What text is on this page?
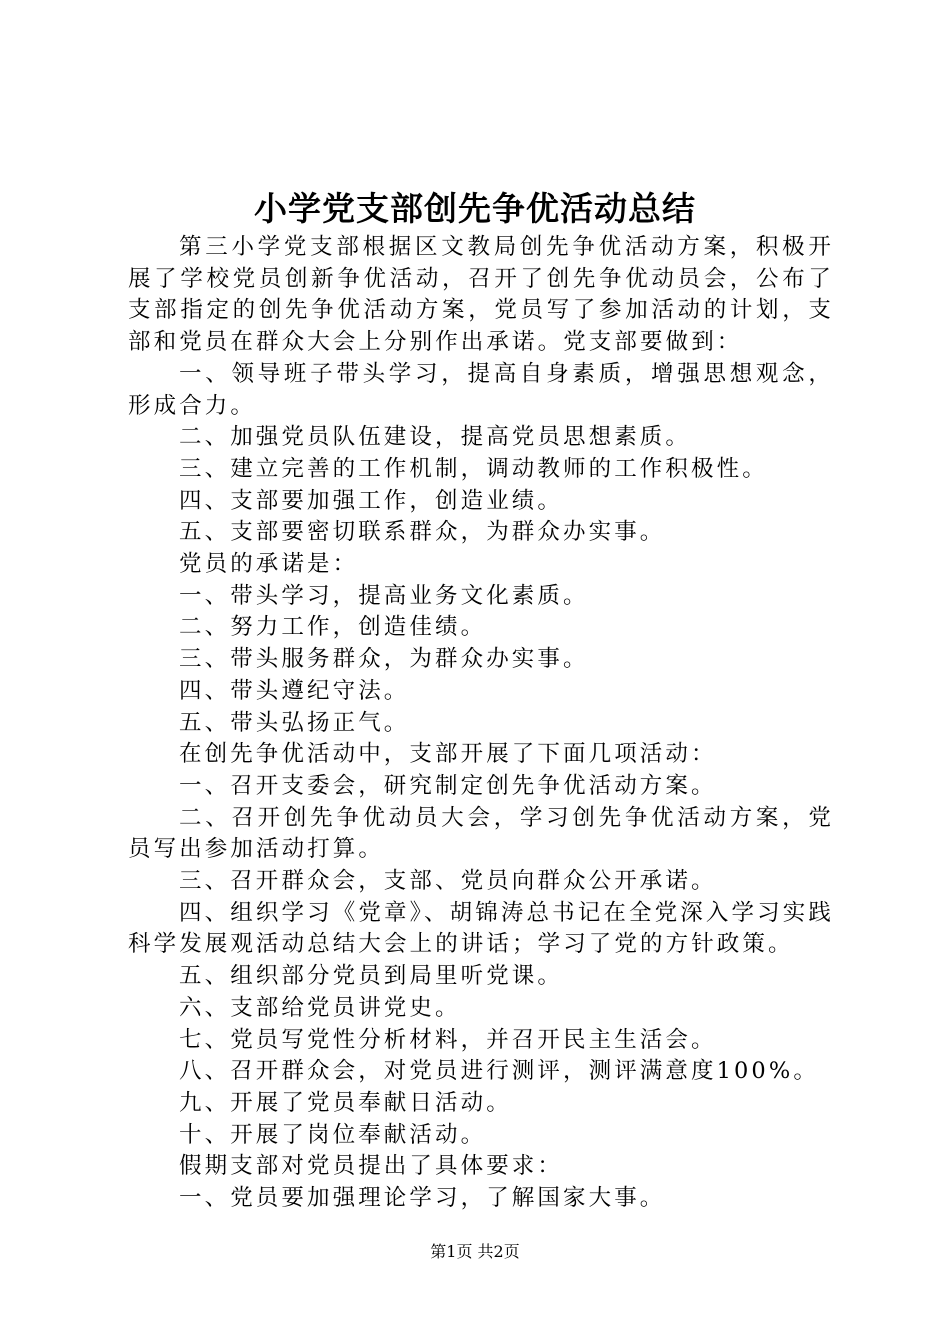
小学党支部创先争优活动总结

第三小学党支部根据区文教局创先争优活动方案，积极开展了学校党员创新争优活动，召开了创先争优动员会，公布了支部指定的创先争优活动方案，党员写了参加活动的计划，支部和党员在群众大会上分别作出承诺。党支部要做到：

一、领导班子带头学习，提高自身素质，增强思想观念，形成合力。

二、加强党员队伍建设，提高党员思想素质。

三、建立完善的工作机制，调动教师的工作积极性。

四、支部要加强工作，创造业绩。

五、支部要密切联系群众，为群众办实事。

党员的承诺是：

一、带头学习，提高业务文化素质。

二、努力工作，创造佳绩。

三、带头服务群众，为群众办实事。

四、带头遵纪守法。

五、带头弘扬正气。

在创先争优活动中，支部开展了下面几项活动：

一、召开支委会，研究制定创先争优活动方案。

二、召开创先争优动员大会，学习创先争优活动方案，党员写出参加活动打算。

三、召开群众会，支部、党员向群众公开承诺。

四、组织学习《党章》、胡锦涛总书记在全党深入学习实践科学发展观活动总结大会上的讲话；学习了党的方针政策。

五、组织部分党员到局里听党课。

六、支部给党员讲党史。

七、党员写党性分析材料，并召开民主生活会。

八、召开群众会，对党员进行测评，测评满意度100%。

九、开展了党员奉献日活动。

十、开展了岗位奉献活动。

假期支部对党员提出了具体要求：

一、党员要加强理论学习，了解国家大事。

第1页 共2页
